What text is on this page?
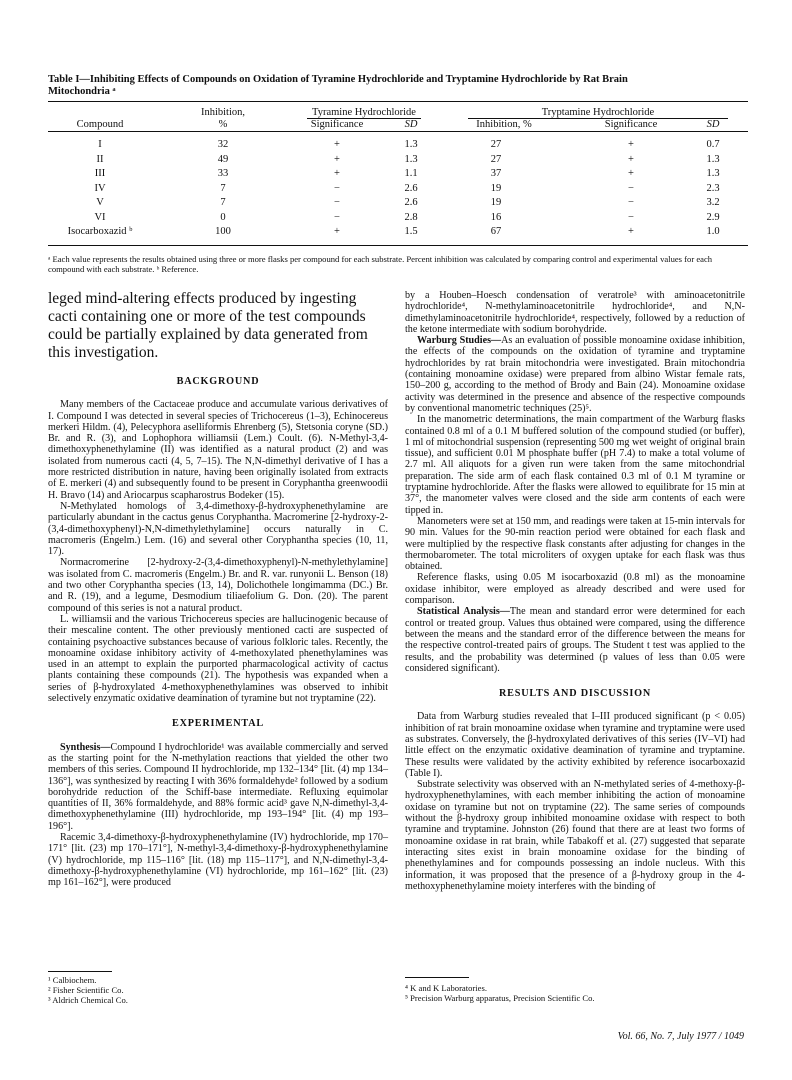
Table I—Inhibiting Effects of Compounds on Oxidation of Tyramine Hydrochloride and Tryptamine Hydrochloride by Rat Brain
Mitochondria ᵃ
Compound
Inhibition,
%
Tyramine Hydrochloride
Significance	SD
Tryptamine Hydrochloride
Inhibition, %	Significance	SD
I	32	+	1.3	27	+	0.7
II	49	+	1.3	27	+	1.3
III	33	+	1.1	37	+	1.3
IV	7	−	2.6	19	−	2.3
V	7	−	2.6	19	−	3.2
VI	0	−	2.8	16	−	2.9
Isocarboxazid ᵇ	100	+	1.5	67	+	1.0
ᵃ Each value represents the results obtained using three or more flasks per compound for each substrate. Percent inhibition was calculated by comparing control and experimental values for each compound with each substrate. ᵇ Reference.

leged mind-altering effects produced by ingesting cacti containing one or more of the test compounds could be partially explained by data generated from this investigation.

BACKGROUND

Many members of the Cactaceae produce and accumulate various derivatives of I. Compound I was detected in several species of Trichocereus (1–3), Echinocereus merkeri Hildm. (4), Pelecyphora aselliformis Ehrenberg (5), Stetsonia coryne (SD.) Br. and R. (3), and Lophophora williamsii (Lem.) Coult. (6). N-Methyl-3,4-dimethoxyphenethylamine (II) was identified as a natural product (2) and was isolated from numerous cacti (4, 5, 7–15). The N,N-dimethyl derivative of I has a more restricted distribution in nature, having been originally isolated from extracts of E. merkeri (4) and subsequently found to be present in Coryphantha greenwoodii H. Bravo (14) and Ariocarpus scapharostrus Bodeker (15).

N-Methylated homologs of 3,4-dimethoxy-β-hydroxyphenethylamine are particularly abundant in the cactus genus Coryphantha. Macromerine [2-hydroxy-2-(3,4-dimethoxyphenyl)-N,N-dimethylethylamine] occurs naturally in C. macromeris (Engelm.) Lem. (16) and several other Coryphantha species (10, 11, 17).

Normacromerine [2-hydroxy-2-(3,4-dimethoxyphenyl)-N-methylethylamine] was isolated from C. macromeris (Engelm.) Br. and R. var. runyonii L. Benson (18) and two other Coryphantha species (13, 14), Dolichothele longimamma (DC.) Br. and R. (19), and a legume, Desmodium tiliaefolium G. Don. (20). The parent compound of this series is not a natural product.

L. williamsii and the various Trichocereus species are hallucinogenic because of their mescaline content. The other previously mentioned cacti are suspected of containing psychoactive substances because of various folkloric tales. Recently, the monoamine oxidase inhibitory activity of 4-methoxylated phenethylamines was used in an attempt to explain the purported pharmacological activity of cactus plants containing these compounds (21). The hypothesis was expanded when a series of β-hydroxylated 4-methoxyphenethylamines was observed to inhibit selectively enzymatic oxidative deamination of tyramine but not tryptamine (22).

EXPERIMENTAL

Synthesis—Compound I hydrochloride¹ was available commercially and served as the starting point for the N-methylation reactions that yielded the other two members of this series. Compound II hydrochloride, mp 132–134° [lit. (4) mp 134–136°], was synthesized by reacting I with 36% formaldehyde² followed by a sodium borohydride reduction of the Schiff-base intermediate. Refluxing equimolar quantities of II, 36% formaldehyde, and 88% formic acid³ gave N,N-dimethyl-3,4-dimethoxyphenethylamine (III) hydrochloride, mp 193–194° [lit. (4) mp 193–196°].

Racemic 3,4-dimethoxy-β-hydroxyphenethylamine (IV) hydrochloride, mp 170–171° [lit. (23) mp 170–171°], N-methyl-3,4-dimethoxy-β-hydroxyphenethylamine (V) hydrochloride, mp 115–116° [lit. (18) mp 115–117°], and N,N-dimethyl-3,4-dimethoxy-β-hydroxyphenethylamine (VI) hydrochloride, mp 161–162° [lit. (23) mp 161–162°], were produced

¹ Calbiochem.
² Fisher Scientific Co.
³ Aldrich Chemical Co.

by a Houben–Hoesch condensation of veratrole³ with aminoacetonitrile hydrochloride⁴, N-methylaminoacetonitrile hydrochloride⁴, and N,N-dimethylaminoacetonitrile hydrochloride⁴, respectively, followed by a reduction of the ketone intermediate with sodium borohydride.

Warburg Studies—As an evaluation of possible monoamine oxidase inhibition, the effects of the compounds on the oxidation of tyramine and tryptamine hydrochlorides by rat brain mitochondria were investigated. Brain mitochondria (containing monoamine oxidase) were prepared from albino Wistar female rats, 150–200 g, according to the method of Brody and Bain (24). Monoamine oxidase activity was determined in the presence and absence of the respective compounds by conventional manometric techniques (25)⁵.

In the manometric determinations, the main compartment of the Warburg flasks contained 0.8 ml of a 0.1 M buffered solution of the compound studied (or buffer), 1 ml of mitochondrial suspension (representing 500 mg wet weight of original brain tissue), and sufficient 0.01 M phosphate buffer (pH 7.4) to make a total volume of 2.7 ml. All aliquots for a given run were taken from the same mitochondrial preparation. The side arm of each flask contained 0.3 ml of 0.1 M tyramine or tryptamine hydrochloride. After the flasks were allowed to equilibrate for 15 min at 37°, the manometer valves were closed and the side arm contents of each were tipped in.

Manometers were set at 150 mm, and readings were taken at 15-min intervals for 90 min. Values for the 90-min reaction period were obtained for each flask and were multiplied by the respective flask constants after adjusting for changes in the thermobarometer. The total microliters of oxygen uptake for each flask was thus obtained.

Reference flasks, using 0.05 M isocarboxazid (0.8 ml) as the monoamine oxidase inhibitor, were employed as already described and were used for comparison.

Statistical Analysis—The mean and standard error were determined for each control or treated group. Values thus obtained were compared, using the difference between the means and the standard error of the difference between the means for the respective control-treated pairs of groups. The Student t test was applied to the results, and the probability was determined (p values of less than 0.05 were considered significant).

RESULTS AND DISCUSSION

Data from Warburg studies revealed that I–III produced significant (p < 0.05) inhibition of rat brain monoamine oxidase when tyramine and tryptamine were used as substrates. Conversely, the β-hydroxylated derivatives of this series (IV–VI) had little effect on the enzymatic oxidative deamination of tyramine and tryptamine. These results were validated by the activity exhibited by reference isocarboxazid (Table I).

Substrate selectivity was observed with an N-methylated series of 4-methoxy-β-hydroxyphenethylamines, with each member inhibiting the action of monoamine oxidase on tyramine but not on tryptamine (22). The same series of compounds without the β-hydroxy group inhibited monoamine oxidase with respect to both tyramine and tryptamine. Johnston (26) found that there are at least two forms of monoamine oxidase in rat brain, while Tabakoff et al. (27) suggested that separate interacting sites exist in brain monoamine oxidase for the binding of phenethylamines and for compounds possessing an indole nucleus. With this information, it was proposed that the presence of a β-hydroxy group in the 4-methoxyphenethylamine moiety interferes with the binding of

⁴ K and K Laboratories.
⁵ Precision Warburg apparatus, Precision Scientific Co.
Vol. 66, No. 7, July 1977 / 1049
